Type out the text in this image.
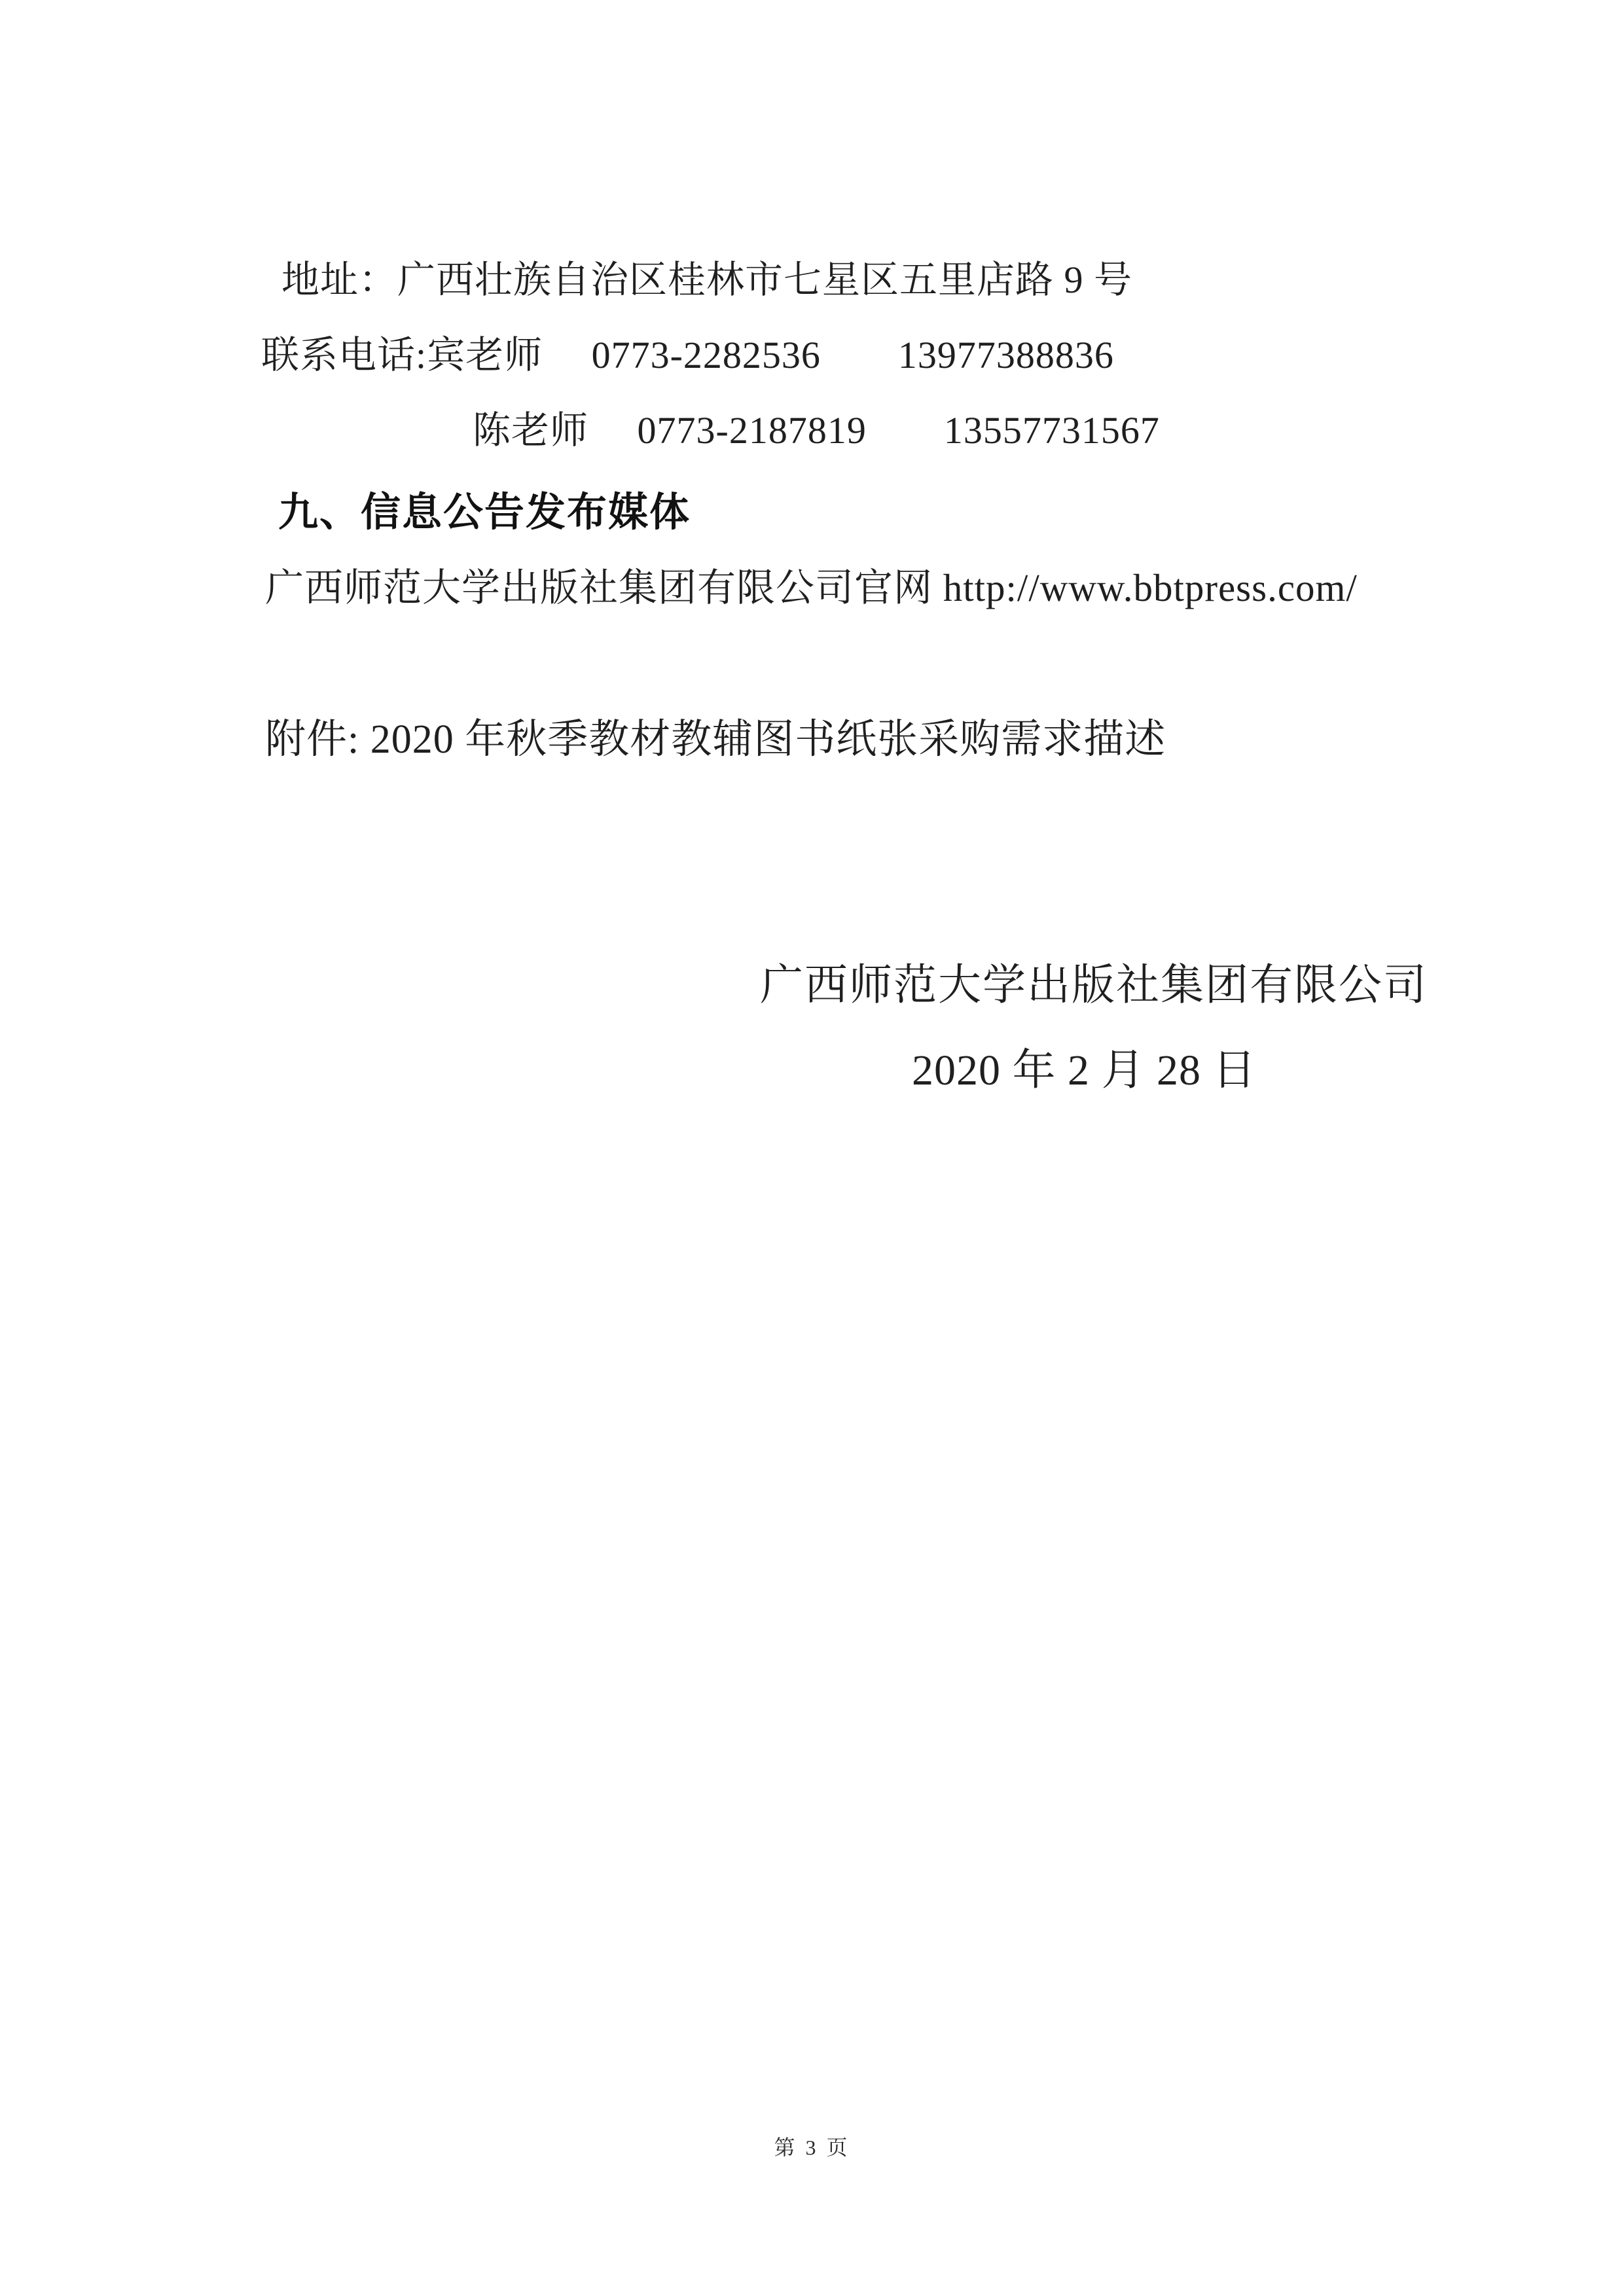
地址：广西壮族自治区桂林市七星区五里店路 9 号
联系电话:宾老师　 0773-2282536　　13977388836
陈老师　 0773-2187819　　13557731567
九、信息公告发布媒体
广西师范大学出版社集团有限公司官网 http://www.bbtpress.com/
附件: 2020 年秋季教材教辅图书纸张采购需求描述
广西师范大学出版社集团有限公司
2020 年 2 月 28 日
第 3 页
